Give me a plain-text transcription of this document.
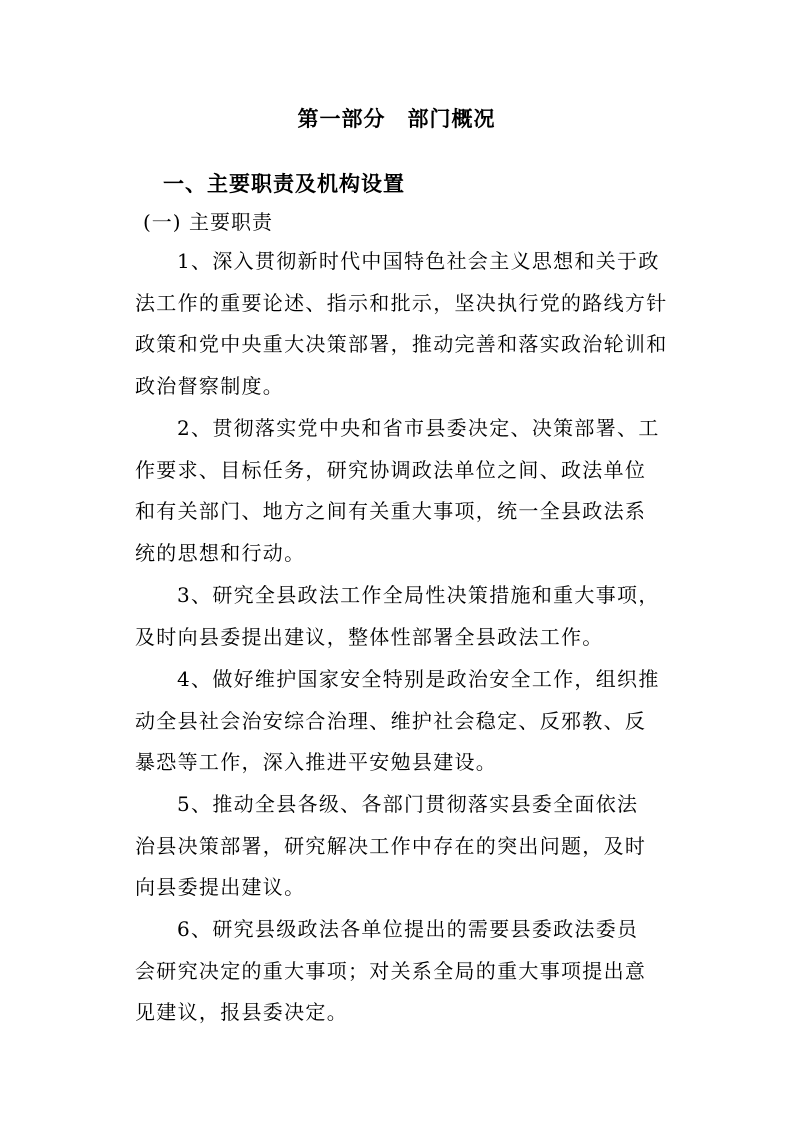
第一部分　部门概况
一、主要职责及机构设置
(一) 主要职责
1、深入贯彻新时代中国特色社会主义思想和关于政
法工作的重要论述、指示和批示，坚决执行党的路线方针
政策和党中央重大决策部署，推动完善和落实政治轮训和
政治督察制度。
2、贯彻落实党中央和省市县委决定、决策部署、工
作要求、目标任务，研究协调政法单位之间、政法单位
和有关部门、地方之间有关重大事项，统一全县政法系
统的思想和行动。
3、研究全县政法工作全局性决策措施和重大事项，
及时向县委提出建议，整体性部署全县政法工作。
4、做好维护国家安全特别是政治安全工作，组织推
动全县社会治安综合治理、维护社会稳定、反邪教、反
暴恐等工作，深入推进平安勉县建设。
5、推动全县各级、各部门贯彻落实县委全面依法
治县决策部署，研究解决工作中存在的突出问题，及时
向县委提出建议。
6、研究县级政法各单位提出的需要县委政法委员
会研究决定的重大事项；对关系全局的重大事项提出意
见建议，报县委决定。
